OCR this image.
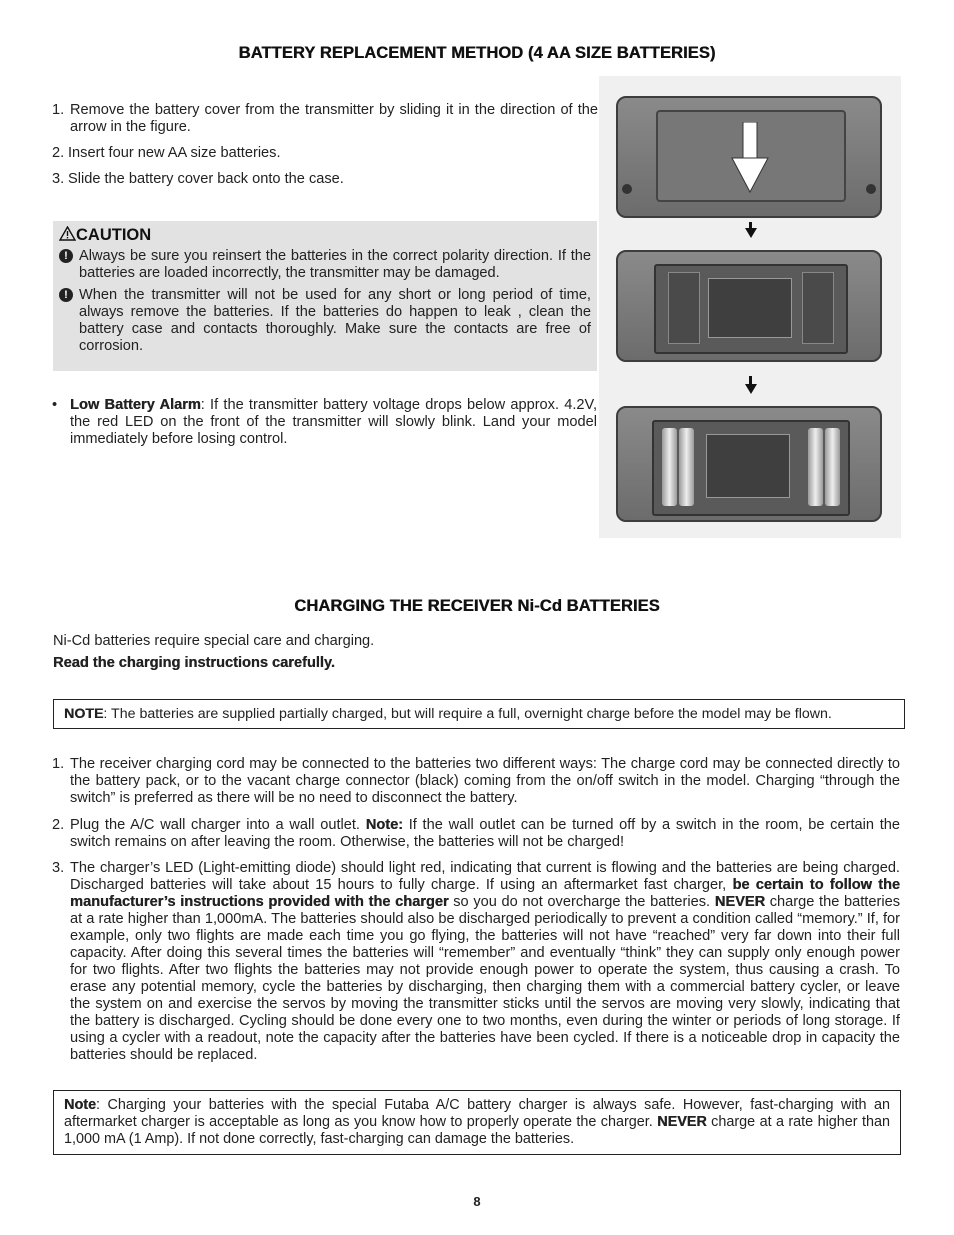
BATTERY REPLACEMENT METHOD (4 AA SIZE BATTERIES)
1. Remove the battery cover from the transmitter by sliding it in the direction of the arrow in the figure.
2. Insert four new AA size batteries.
3. Slide the battery cover back onto the case.
CAUTION
! Always be sure you reinsert the batteries in the correct polarity direction. If the batteries are loaded incorrectly, the transmitter may be damaged.
! When the transmitter will not be used for any short or long period of time, always remove the batteries. If the batteries do happen to leak , clean the battery case and contacts thoroughly. Make sure the contacts are free of corrosion.
• Low Battery Alarm: If the transmitter battery voltage drops below approx. 4.2V, the red LED on the front of the transmitter will slowly blink. Land your model immediately before losing control.
CHARGING THE RECEIVER Ni-Cd BATTERIES
Ni-Cd batteries require special care and charging.
Read the charging instructions carefully.
NOTE: The batteries are supplied partially charged, but will require a full, overnight charge before the model may be flown.
1. The receiver charging cord may be connected to the batteries two different ways: The charge cord may be connected directly to the battery pack, or to the vacant charge connector (black) coming from the on/off switch in the model. Charging “through the switch” is preferred as there will be no need to disconnect the battery.
2. Plug the A/C wall charger into a wall outlet. Note: If the wall outlet can be turned off by a switch in the room, be certain the switch remains on after leaving the room. Otherwise, the batteries will not be charged!
3. The charger’s LED (Light-emitting diode) should light red, indicating that current is flowing and the batteries are being charged. Discharged batteries will take about 15 hours to fully charge. If using an aftermarket fast charger, be certain to follow the manufacturer’s instructions provided with the charger so you do not overcharge the batteries. NEVER charge the batteries at a rate higher than 1,000mA. The batteries should also be discharged periodically to prevent a condition called “memory.” If, for example, only two flights are made each time you go flying, the batteries will not have “reached” very far down into their full capacity. After doing this several times the batteries will “remember” and eventually “think” they can supply only enough power for two flights. After two flights the batteries may not provide enough power to operate the system, thus causing a crash. To erase any potential memory, cycle the batteries by discharging, then charging them with a commercial battery cycler, or leave the system on and exercise the servos by moving the transmitter sticks until the servos are moving very slowly, indicating that the battery is discharged. Cycling should be done every one to two months, even during the winter or periods of long storage. If using a cycler with a readout, note the capacity after the batteries have been cycled. If there is a noticeable drop in capacity the batteries should be replaced.
Note: Charging your batteries with the special Futaba A/C battery charger is always safe. However, fast-charging with an aftermarket charger is acceptable as long as you know how to properly operate the charger. NEVER charge at a rate higher than 1,000 mA (1 Amp). If not done correctly, fast-charging can damage the batteries.
8
